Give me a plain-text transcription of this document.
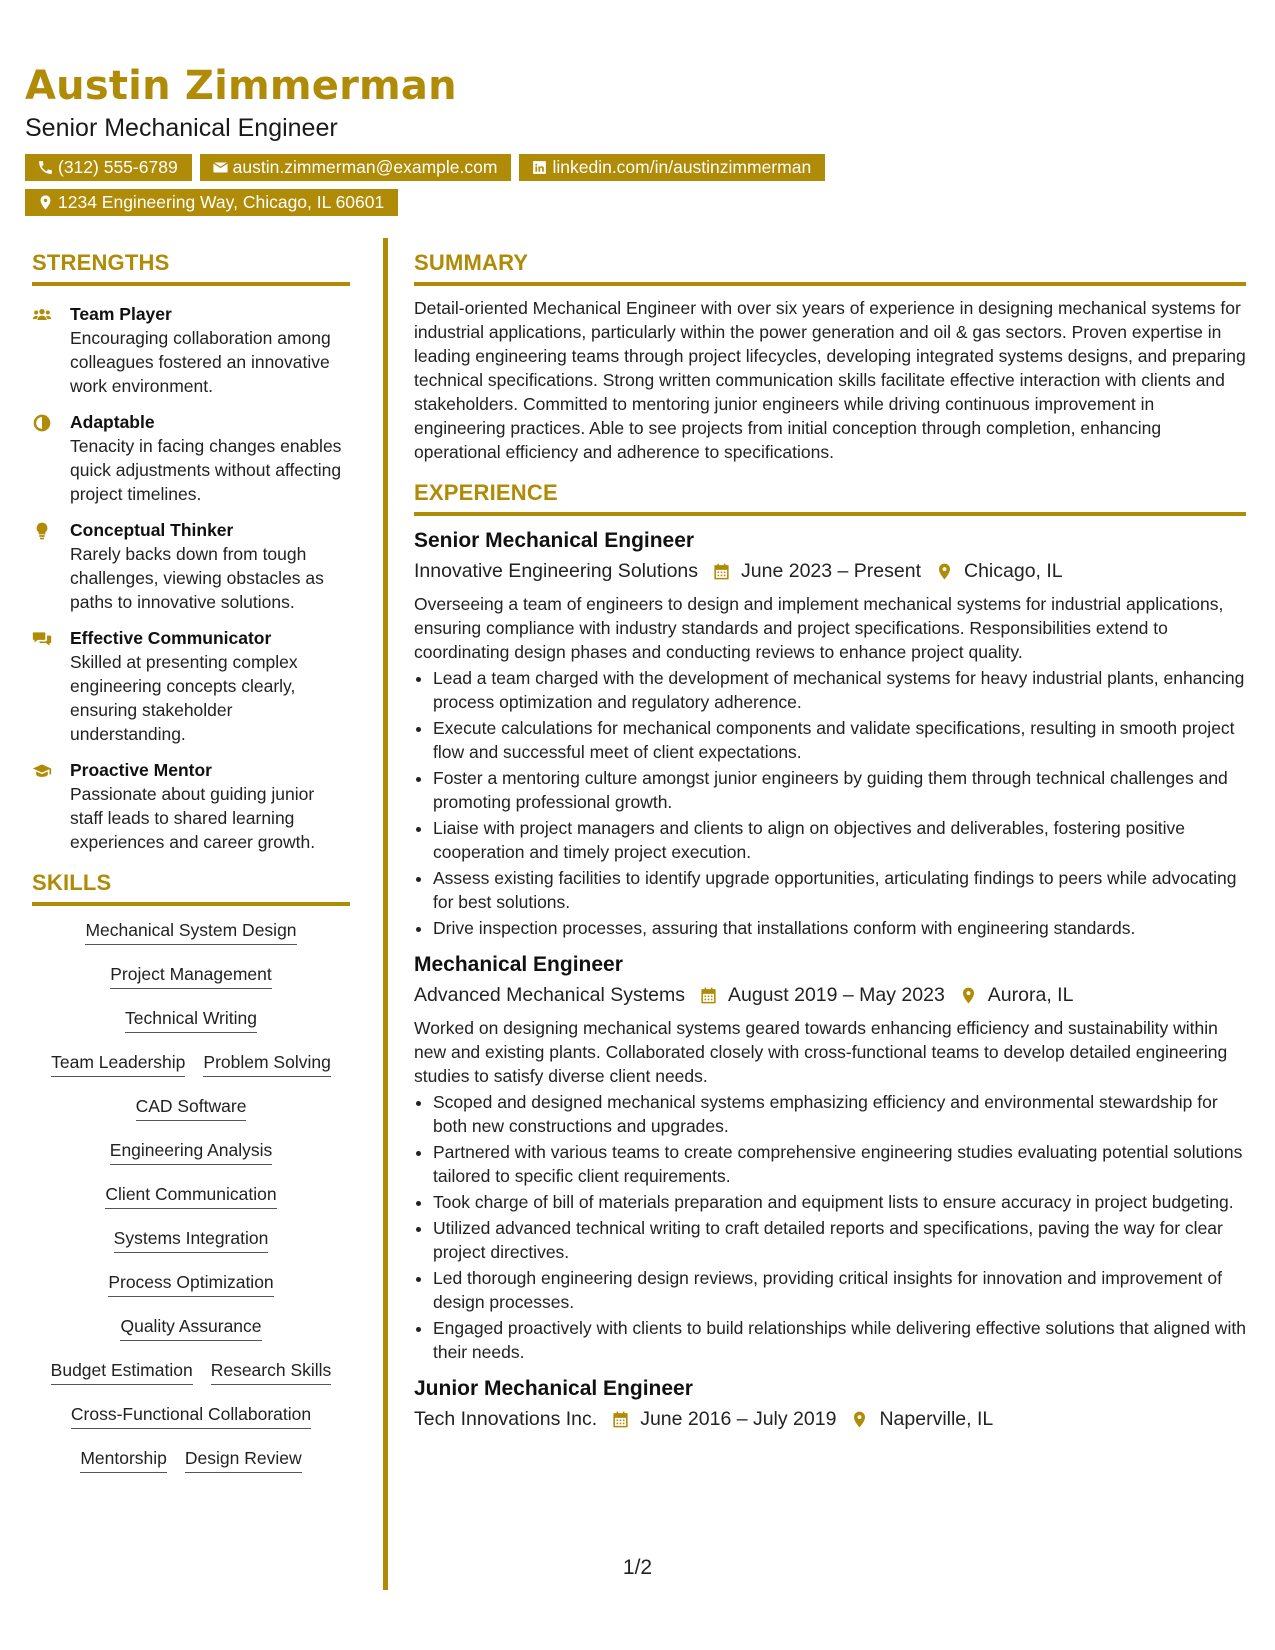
Austin Zimmerman
Senior Mechanical Engineer
(312) 555-6789	austin.zimmerman@example.com	linkedin.com/in/austinzimmerman
1234 Engineering Way, Chicago, IL 60601
STRENGTHS
Team Player
Encouraging collaboration among colleagues fostered an innovative work environment.
Adaptable
Tenacity in facing changes enables quick adjustments without affecting project timelines.
Conceptual Thinker
Rarely backs down from tough challenges, viewing obstacles as paths to innovative solutions.
Effective Communicator
Skilled at presenting complex engineering concepts clearly, ensuring stakeholder understanding.
Proactive Mentor
Passionate about guiding junior staff leads to shared learning experiences and career growth.
SKILLS
Mechanical System Design
Project Management
Technical Writing
Team Leadership Problem Solving
CAD Software
Engineering Analysis
Client Communication
Systems Integration
Process Optimization
Quality Assurance
Budget Estimation Research Skills
Cross-Functional Collaboration
Mentorship Design Review
SUMMARY
Detail-oriented Mechanical Engineer with over six years of experience in designing mechanical systems for industrial applications, particularly within the power generation and oil & gas sectors. Proven expertise in leading engineering teams through project lifecycles, developing integrated systems designs, and preparing technical specifications. Strong written communication skills facilitate effective interaction with clients and stakeholders. Committed to mentoring junior engineers while driving continuous improvement in engineering practices. Able to see projects from initial conception through completion, enhancing operational efficiency and adherence to specifications.
EXPERIENCE
Senior Mechanical Engineer
Innovative Engineering Solutions June 2023 – Present Chicago, IL
Overseeing a team of engineers to design and implement mechanical systems for industrial applications, ensuring compliance with industry standards and project specifications. Responsibilities extend to coordinating design phases and conducting reviews to enhance project quality.
• Lead a team charged with the development of mechanical systems for heavy industrial plants, enhancing process optimization and regulatory adherence.
• Execute calculations for mechanical components and validate specifications, resulting in smooth project flow and successful meet of client expectations.
• Foster a mentoring culture amongst junior engineers by guiding them through technical challenges and promoting professional growth.
• Liaise with project managers and clients to align on objectives and deliverables, fostering positive cooperation and timely project execution.
• Assess existing facilities to identify upgrade opportunities, articulating findings to peers while advocating for best solutions.
• Drive inspection processes, assuring that installations conform with engineering standards.
Mechanical Engineer
Advanced Mechanical Systems August 2019 – May 2023 Aurora, IL
Worked on designing mechanical systems geared towards enhancing efficiency and sustainability within new and existing plants. Collaborated closely with cross-functional teams to develop detailed engineering studies to satisfy diverse client needs.
• Scoped and designed mechanical systems emphasizing efficiency and environmental stewardship for both new constructions and upgrades.
• Partnered with various teams to create comprehensive engineering studies evaluating potential solutions tailored to specific client requirements.
• Took charge of bill of materials preparation and equipment lists to ensure accuracy in project budgeting.
• Utilized advanced technical writing to craft detailed reports and specifications, paving the way for clear project directives.
• Led thorough engineering design reviews, providing critical insights for innovation and improvement of design processes.
• Engaged proactively with clients to build relationships while delivering effective solutions that aligned with their needs.
Junior Mechanical Engineer
Tech Innovations Inc. June 2016 – July 2019 Naperville, IL
1/2
